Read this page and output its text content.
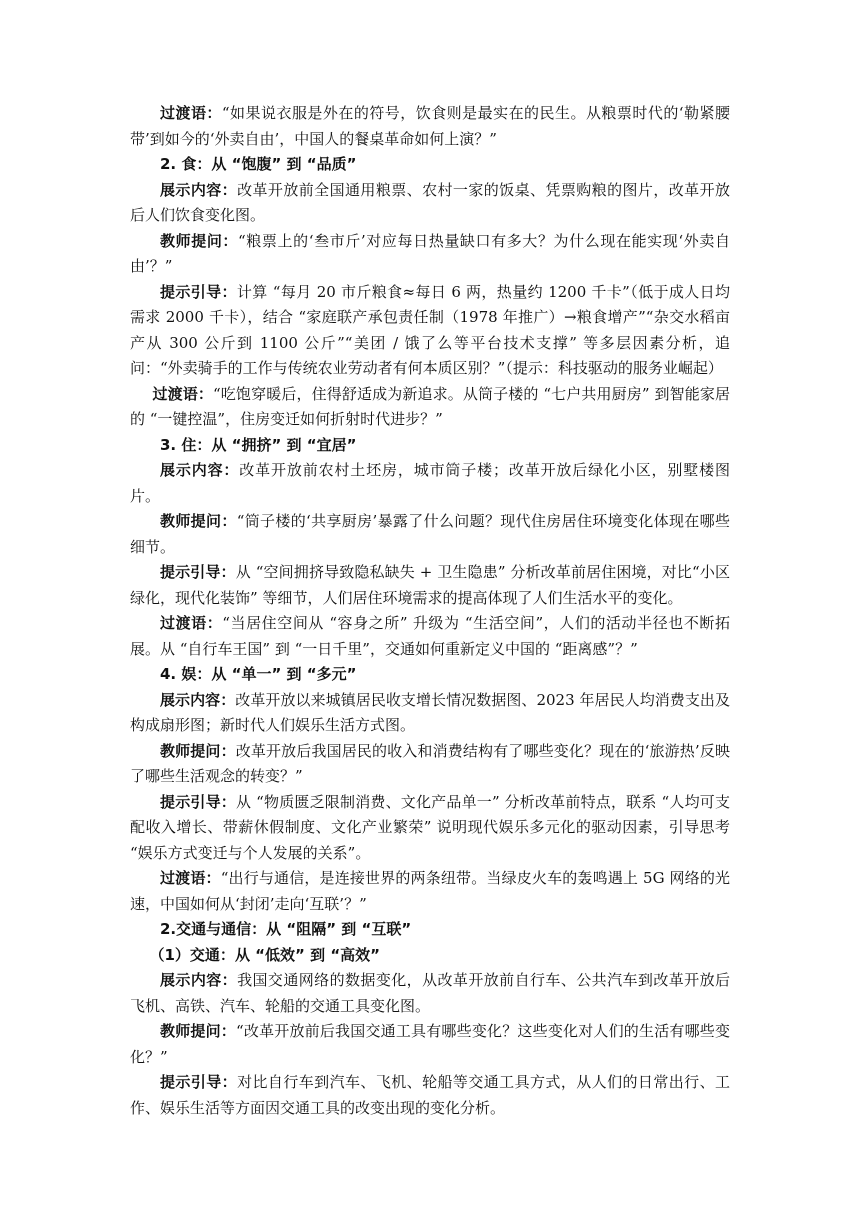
过渡语：“如果说衣服是外在的符号，饮食则是最实在的民生。从粮票时代的‘勒紧腰带’到如今的‘外卖自由’，中国人的餐桌革命如何上演？”

2. 食：从 “饱腹” 到 “品质”

展示内容：改革开放前全国通用粮票、农村一家的饭桌、凭票购粮的图片，改革开放后人们饮食变化图。

教师提问：“粮票上的‘叁市斤’对应每日热量缺口有多大？为什么现在能实现‘外卖自由’？”

提示引导：计算 “每月 20 市斤粮食≈每日 6 两，热量约 1200 千卡”（低于成人日均需求 2000 千卡），结合 “家庭联产承包责任制（1978 年推广）→粮食增产”“杂交水稻亩产从 300 公斤到 1100 公斤”“美团 / 饿了么等平台技术支撑” 等多层因素分析，追问：“外卖骑手的工作与传统农业劳动者有何本质区别？”（提示：科技驱动的服务业崛起）

过渡语：“吃饱穿暖后，住得舒适成为新追求。从筒子楼的 “七户共用厨房” 到智能家居的 “一键控温”，住房变迁如何折射时代进步？”

3. 住：从 “拥挤” 到 “宜居”

展示内容：改革开放前农村土坯房，城市筒子楼；改革开放后绿化小区，别墅楼图片。

教师提问：“筒子楼的‘共享厨房’暴露了什么问题？现代住房居住环境变化体现在哪些细节。

提示引导：从 “空间拥挤导致隐私缺失 + 卫生隐患” 分析改革前居住困境，对比“小区绿化，现代化装饰” 等细节，人们居住环境需求的提高体现了人们生活水平的变化。

过渡语：“当居住空间从 “容身之所” 升级为 “生活空间”，人们的活动半径也不断拓展。从 “自行车王国” 到 “一日千里”，交通如何重新定义中国的 “距离感”？”

4. 娱：从 “单一” 到 “多元”

展示内容：改革开放以来城镇居民收支增长情况数据图、2023 年居民人均消费支出及构成扇形图；新时代人们娱乐生活方式图。

教师提问：改革开放后我国居民的收入和消费结构有了哪些变化？现在的‘旅游热’反映了哪些生活观念的转变？”

提示引导：从 “物质匮乏限制消费、文化产品单一” 分析改革前特点，联系 “人均可支配收入增长、带薪休假制度、文化产业繁荣” 说明现代娱乐多元化的驱动因素，引导思考 “娱乐方式变迁与个人发展的关系”。

过渡语：“出行与通信，是连接世界的两条纽带。当绿皮火车的轰鸣遇上 5G 网络的光速，中国如何从‘封闭’走向‘互联’？”

2.交通与通信：从 “阻隔” 到 “互联”

（1）交通：从 “低效” 到 “高效”

展示内容：我国交通网络的数据变化，从改革开放前自行车、公共汽车到改革开放后飞机、高铁、汽车、轮船的交通工具变化图。

教师提问：“改革开放前后我国交通工具有哪些变化？这些变化对人们的生活有哪些变化？”

提示引导：对比自行车到汽车、飞机、轮船等交通工具方式，从人们的日常出行、工作、娱乐生活等方面因交通工具的改变出现的变化分析。
